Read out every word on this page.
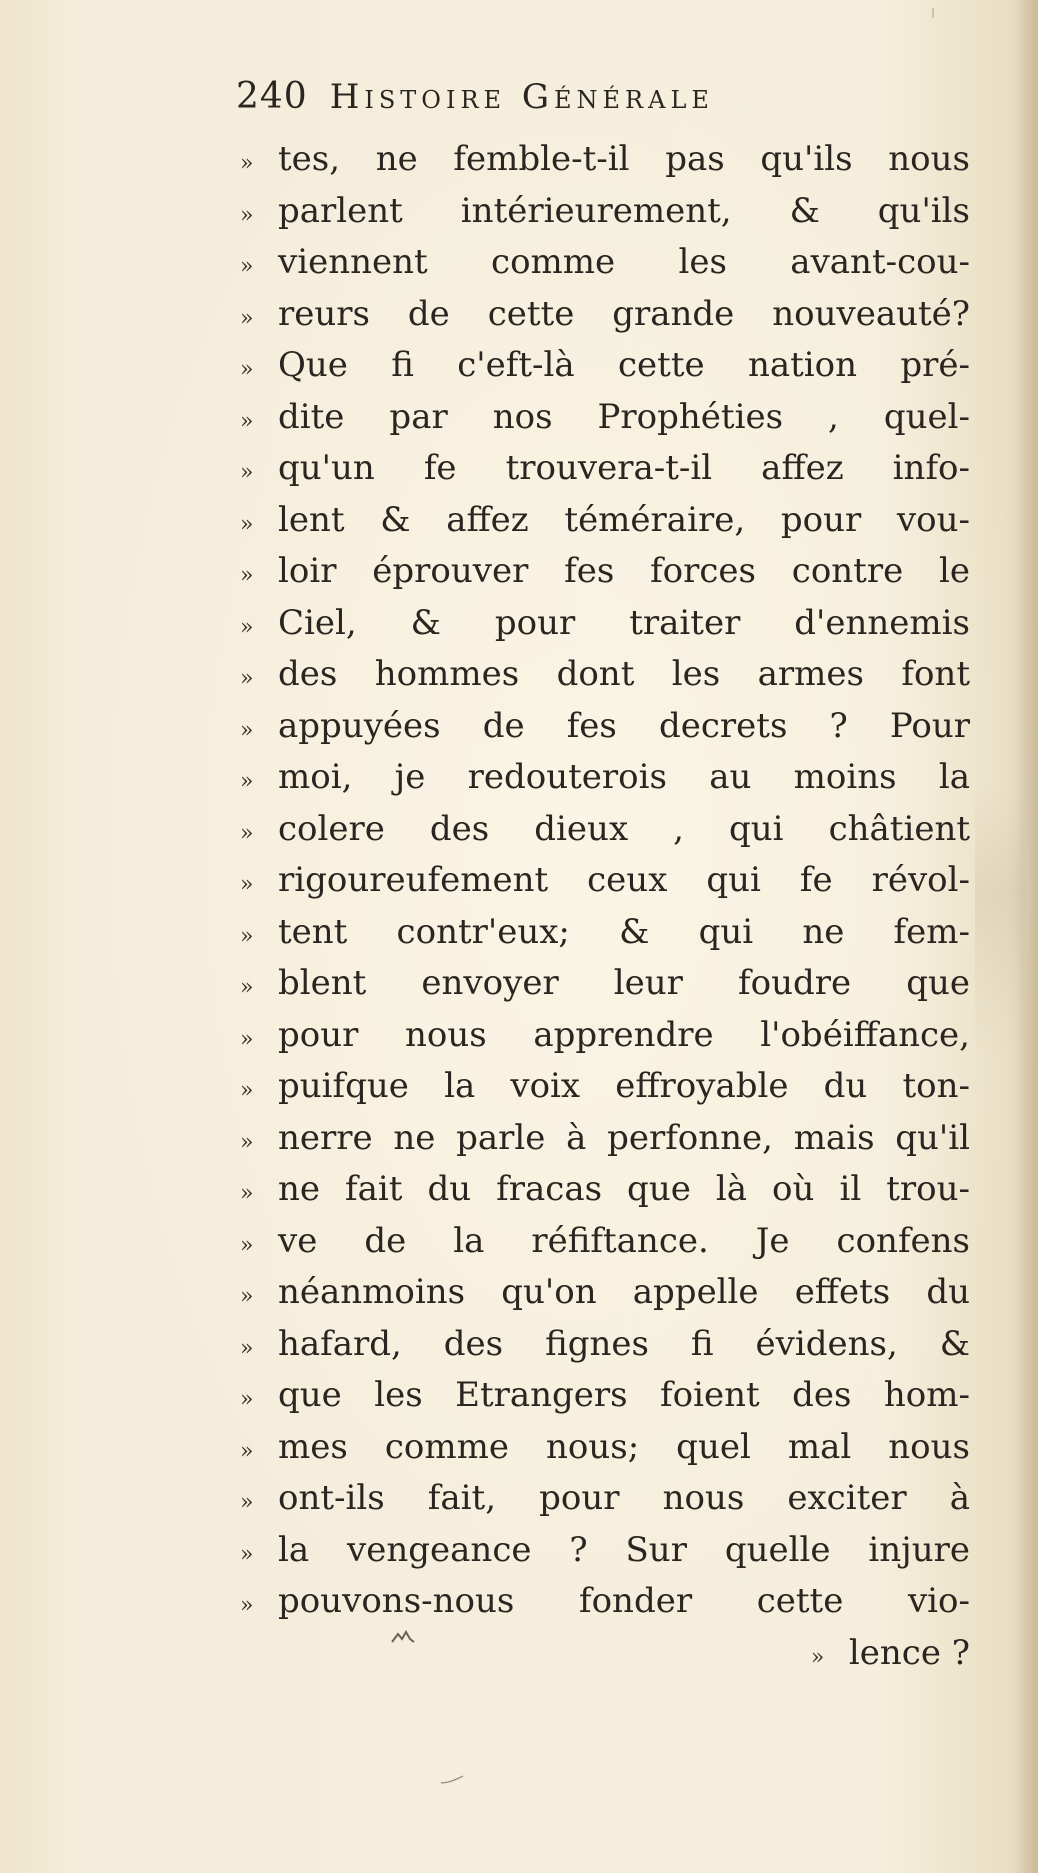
240 Histoire Générale
» tes, ne femble-t-il pas qu'ils nous
» parlent intérieurement, & qu'ils
» viennent comme les avant-cou-
» reurs de cette grande nouveauté?
» Que fi c'eft-là cette nation pré-
» dite par nos Prophéties , quel-
» qu'un fe trouvera-t-il affez info-
» lent & affez téméraire, pour vou-
» loir éprouver fes forces contre le
» Ciel, & pour traiter d'ennemis
» des hommes dont les armes font
» appuyées de fes decrets ? Pour
» moi, je redouterois au moins la
» colere des dieux , qui châtient
» rigoureufement ceux qui fe révol-
» tent contr'eux; & qui ne fem-
» blent envoyer leur foudre que
» pour nous apprendre l'obéiffance,
» puifque la voix effroyable du ton-
» nerre ne parle à perfonne, mais qu'il
» ne fait du fracas que là où il trou-
» ve de la réfiftance. Je confens
» néanmoins qu'on appelle effets du
» hafard, des fignes fi évidens, &
» que les Etrangers foient des hom-
» mes comme nous; quel mal nous
» ont-ils fait, pour nous exciter à
» la vengeance ? Sur quelle injure
» pouvons-nous fonder cette vio-
» lence ?
